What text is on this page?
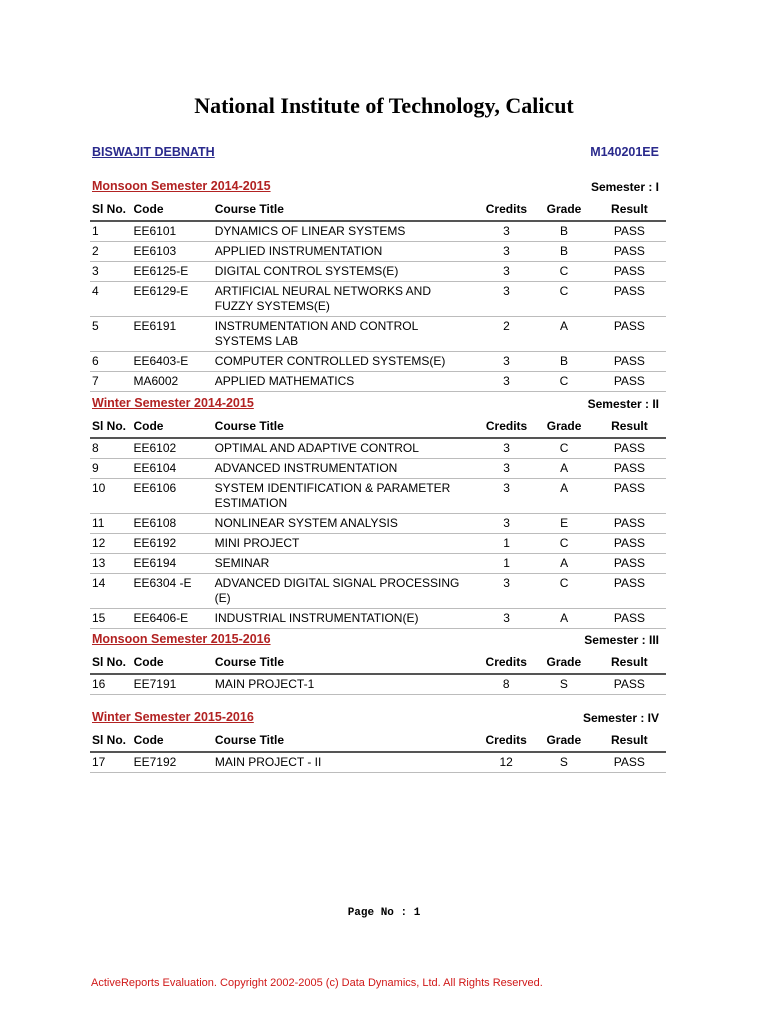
National Institute of Technology, Calicut
BISWAJIT DEBNATH	M140201EE
Monsoon Semester 2014-2015	Semester : I
Sl No.	Code	Course Title	Credits	Grade	Result
1	EE6101	DYNAMICS OF LINEAR SYSTEMS	3	B	PASS
2	EE6103	APPLIED INSTRUMENTATION	3	B	PASS
3	EE6125-E	DIGITAL CONTROL SYSTEMS(E)	3	C	PASS
4	EE6129-E	ARTIFICIAL NEURAL NETWORKS AND FUZZY SYSTEMS(E)	3	C	PASS
5	EE6191	INSTRUMENTATION AND CONTROL SYSTEMS LAB	2	A	PASS
6	EE6403-E	COMPUTER CONTROLLED SYSTEMS(E)	3	B	PASS
7	MA6002	APPLIED MATHEMATICS	3	C	PASS
Winter Semester 2014-2015	Semester : II
Sl No.	Code	Course Title	Credits	Grade	Result
8	EE6102	OPTIMAL AND ADAPTIVE CONTROL	3	C	PASS
9	EE6104	ADVANCED INSTRUMENTATION	3	A	PASS
10	EE6106	SYSTEM IDENTIFICATION & PARAMETER ESTIMATION	3	A	PASS
11	EE6108	NONLINEAR SYSTEM ANALYSIS	3	E	PASS
12	EE6192	MINI PROJECT	1	C	PASS
13	EE6194	SEMINAR	1	A	PASS
14	EE6304 -E	ADVANCED DIGITAL SIGNAL PROCESSING (E)	3	C	PASS
15	EE6406-E	INDUSTRIAL INSTRUMENTATION(E)	3	A	PASS
Monsoon Semester 2015-2016	Semester : III
Sl No.	Code	Course Title	Credits	Grade	Result
16	EE7191	MAIN PROJECT-1	8	S	PASS
Winter Semester 2015-2016	Semester : IV
Sl No.	Code	Course Title	Credits	Grade	Result
17	EE7192	MAIN PROJECT - II	12	S	PASS
Page No : 1
ActiveReports Evaluation. Copyright 2002-2005 (c) Data Dynamics, Ltd. All Rights Reserved.
